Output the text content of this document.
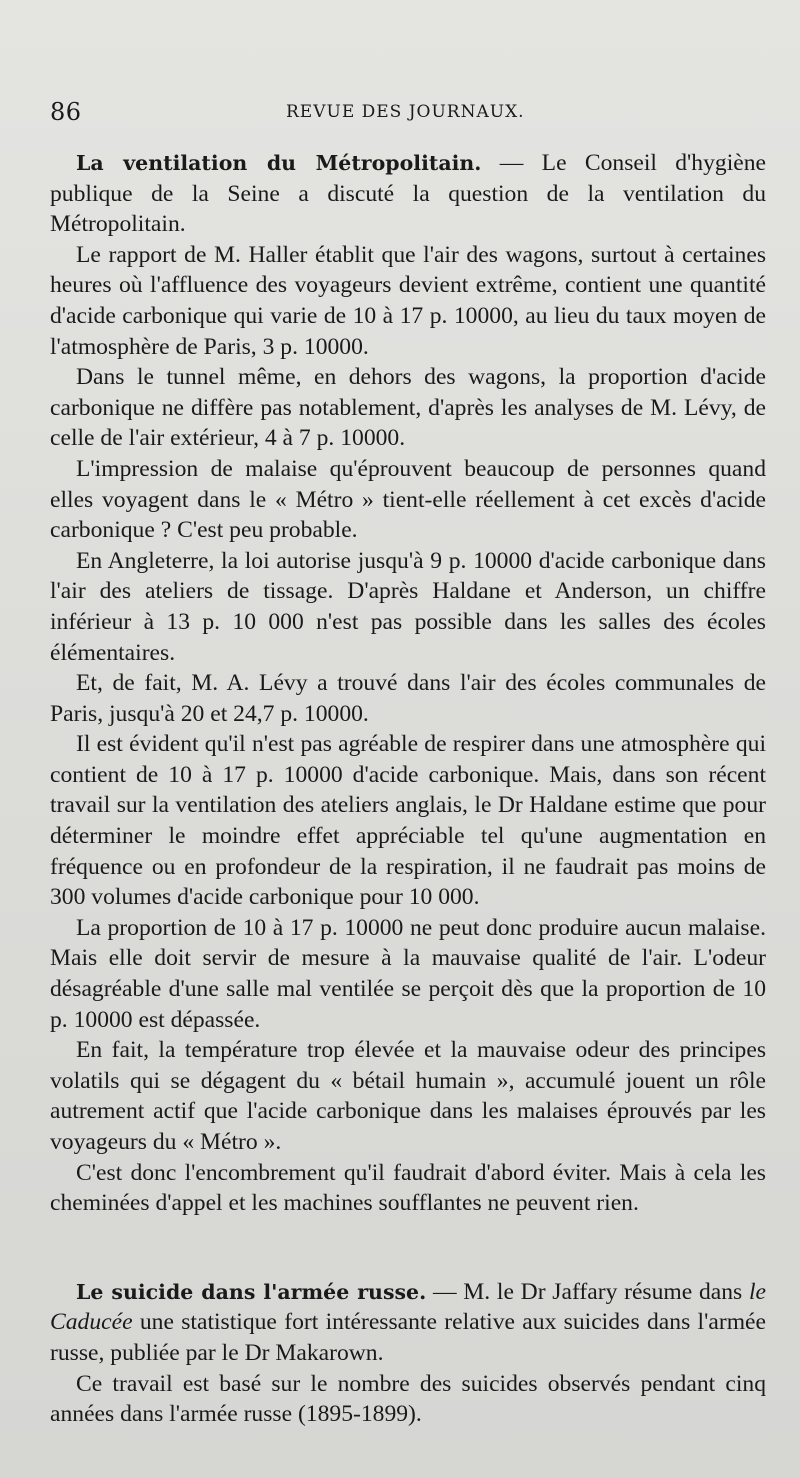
86	REVUE DES JOURNAUX.

La ventilation du Métropolitain. — Le Conseil d'hygiène publique de la Seine a discuté la question de la ventilation du Métropolitain.

Le rapport de M. Haller établit que l'air des wagons, surtout à certaines heures où l'affluence des voyageurs devient extrême, contient une quantité d'acide carbonique qui varie de 10 à 17 p. 10000, au lieu du taux moyen de l'atmosphère de Paris, 3 p. 10000.

Dans le tunnel même, en dehors des wagons, la proportion d'acide carbonique ne diffère pas notablement, d'après les analyses de M. Lévy, de celle de l'air extérieur, 4 à 7 p. 10000.

L'impression de malaise qu'éprouvent beaucoup de personnes quand elles voyagent dans le « Métro » tient-elle réellement à cet excès d'acide carbonique ? C'est peu probable.

En Angleterre, la loi autorise jusqu'à 9 p. 10000 d'acide carbonique dans l'air des ateliers de tissage. D'après Haldane et Anderson, un chiffre inférieur à 13 p. 10 000 n'est pas possible dans les salles des écoles élémentaires.

Et, de fait, M. A. Lévy a trouvé dans l'air des écoles communales de Paris, jusqu'à 20 et 24,7 p. 10000.

Il est évident qu'il n'est pas agréable de respirer dans une atmosphère qui contient de 10 à 17 p. 10000 d'acide carbonique. Mais, dans son récent travail sur la ventilation des ateliers anglais, le Dr Haldane estime que pour déterminer le moindre effet appréciable tel qu'une augmentation en fréquence ou en profondeur de la respiration, il ne faudrait pas moins de 300 volumes d'acide carbonique pour 10 000.

La proportion de 10 à 17 p. 10000 ne peut donc produire aucun malaise. Mais elle doit servir de mesure à la mauvaise qualité de l'air. L'odeur désagréable d'une salle mal ventilée se perçoit dès que la proportion de 10 p. 10000 est dépassée.

En fait, la température trop élevée et la mauvaise odeur des principes volatils qui se dégagent du « bétail humain », accumulé jouent un rôle autrement actif que l'acide carbonique dans les malaises éprouvés par les voyageurs du « Métro ».

C'est donc l'encombrement qu'il faudrait d'abord éviter. Mais à cela les cheminées d'appel et les machines soufflantes ne peuvent rien.

Le suicide dans l'armée russe. — M. le Dr Jaffary résume dans le Caducée une statistique fort intéressante relative aux suicides dans l'armée russe, publiée par le Dr Makarown.

Ce travail est basé sur le nombre des suicides observés pendant cinq années dans l'armée russe (1895-1899).
